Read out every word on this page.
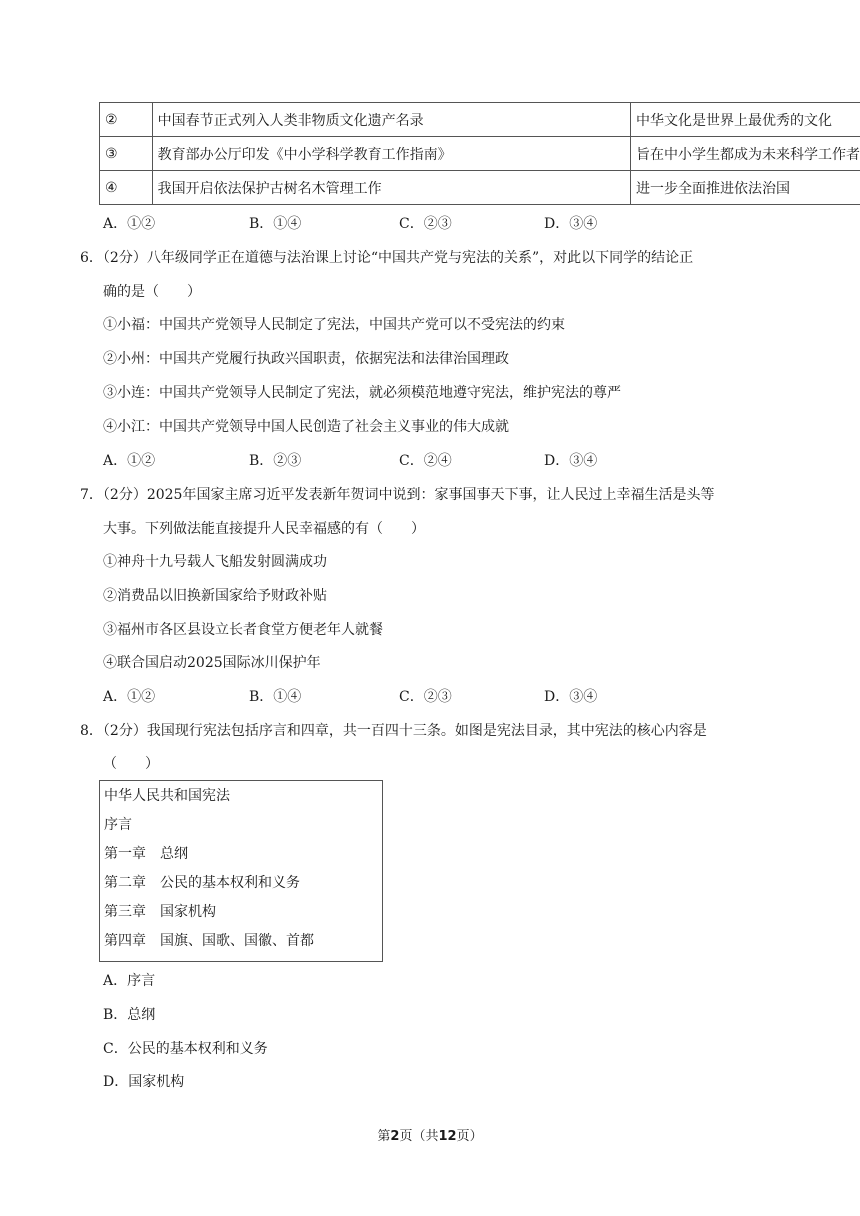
②	中国春节正式列入人类非物质文化遗产名录	中华文化是世界上最优秀的文化
③	教育部办公厅印发《中小学科学教育工作指南》	旨在中小学生都成为未来科学工作者
④	我国开启依法保护古树名木管理工作	进一步全面推进依法治国
A．①②	B．①④	C．②③	D．③④
6．（2分）八年级同学正在道德与法治课上讨论“中国共产党与宪法的关系”，对此以下同学的结论正
确的是（　　）
①小福：中国共产党领导人民制定了宪法，中国共产党可以不受宪法的约束
②小州：中国共产党履行执政兴国职责，依据宪法和法律治国理政
③小连：中国共产党领导人民制定了宪法，就必须模范地遵守宪法，维护宪法的尊严
④小江：中国共产党领导中国人民创造了社会主义事业的伟大成就
A．①②	B．②③	C．②④	D．③④
7．（2分）2025年国家主席习近平发表新年贺词中说到：家事国事天下事，让人民过上幸福生活是头等
大事。下列做法能直接提升人民幸福感的有（　　）
①神舟十九号载人飞船发射圆满成功
②消费品以旧换新国家给予财政补贴
③福州市各区县设立长者食堂方便老年人就餐
④联合国启动2025国际冰川保护年
A．①②	B．①④	C．②③	D．③④
8．（2分）我国现行宪法包括序言和四章，共一百四十三条。如图是宪法目录，其中宪法的核心内容是
（　　）
中华人民共和国宪法
序言
第一章　总纲
第二章　公民的基本权利和义务
第三章　国家机构
第四章　国旗、国歌、国徽、首都
A．序言
B．总纲
C．公民的基本权利和义务
D．国家机构
第2页（共12页）
